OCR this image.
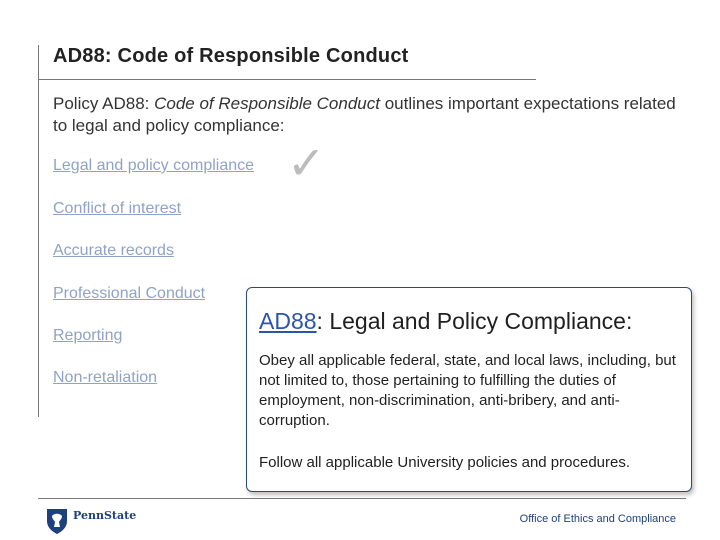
AD88: Code of Responsible Conduct
Policy AD88: Code of Responsible Conduct outlines important expectations related to legal and policy compliance:
Legal and policy compliance
Conflict of interest
Accurate records
Professional Conduct
Reporting
Non-retaliation
✓
AD88: Legal and Policy Compliance:
Obey all applicable federal, state, and local laws, including, but not limited to, those pertaining to fulfilling the duties of employment, non-discrimination, anti-bribery, and anti-corruption.
Follow all applicable University policies and procedures.
PennState	Office of Ethics and Compliance
